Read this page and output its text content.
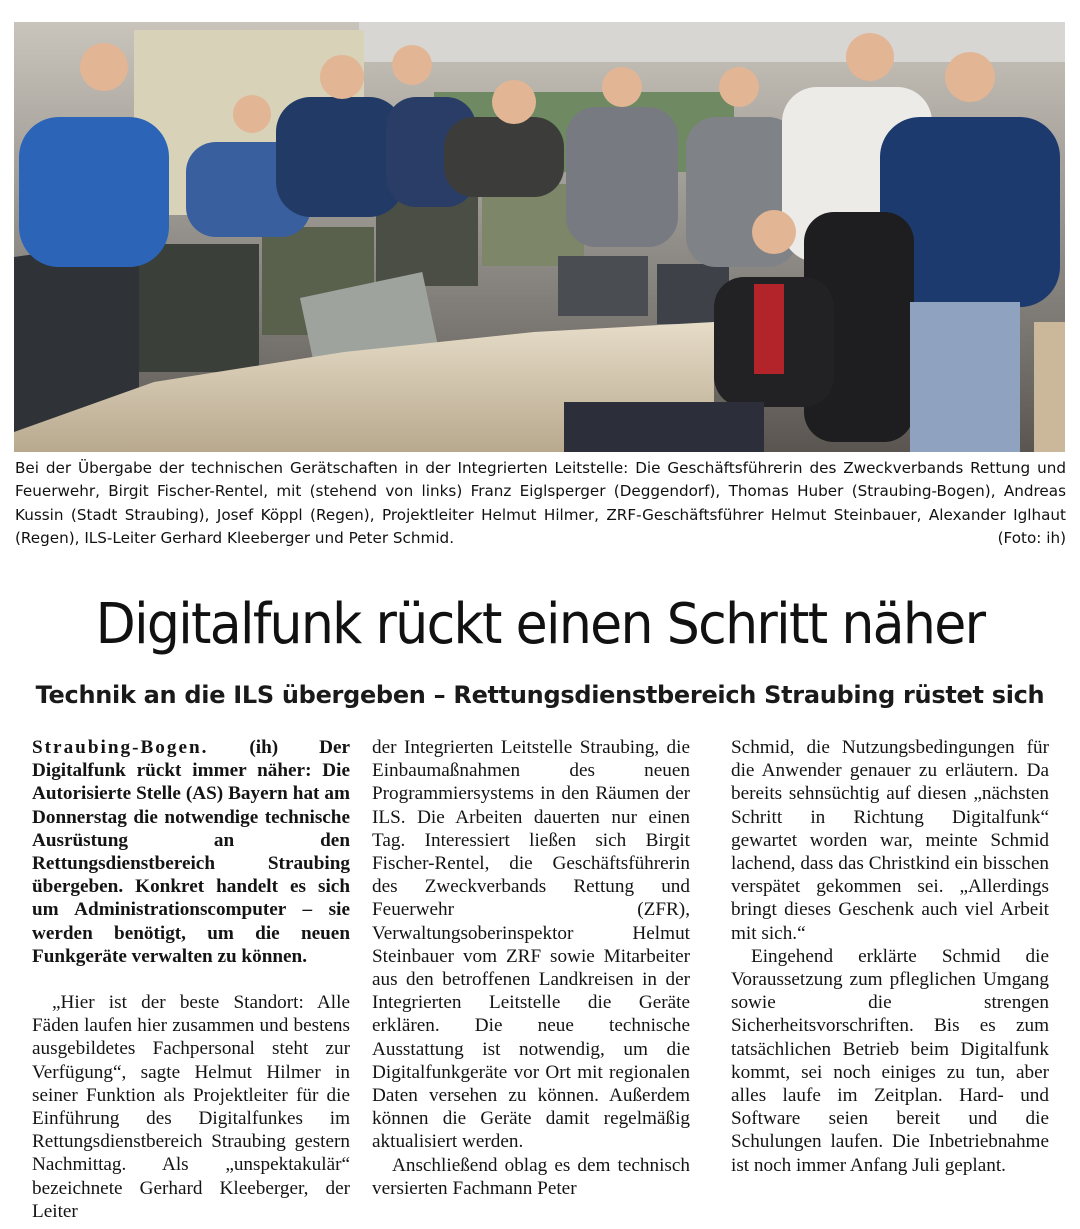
Bei der Übergabe der technischen Gerätschaften in der Integrierten Leitstelle: Die Geschäftsführerin des Zweckverbands Rettung und Feuerwehr, Birgit Fischer-Rentel, mit (stehend von links) Franz Eiglsperger (Deggendorf), Thomas Huber (Straubing-Bogen), Andreas Kussin (Stadt Straubing), Josef Köppl (Regen), Projektleiter Helmut Hilmer, ZRF-Geschäftsführer Helmut Steinbauer, Alexander Iglhaut (Regen), ILS-Leiter Gerhard Kleeberger und Peter Schmid.	(Foto: ih)
Digitalfunk rückt einen Schritt näher
Technik an die ILS übergeben – Rettungsdienstbereich Straubing rüstet sich

Straubing-Bogen. (ih) Der Digitalfunk rückt immer näher: Die Autorisierte Stelle (AS) Bayern hat am Donnerstag die notwendige technische Ausrüstung an den Rettungsdienstbereich Straubing übergeben. Konkret handelt es sich um Administrationscomputer – sie werden benötigt, um die neuen Funkgeräte verwalten zu können.

„Hier ist der beste Standort: Alle Fäden laufen hier zusammen und bestens ausgebildetes Fachpersonal steht zur Verfügung“, sagte Helmut Hilmer in seiner Funktion als Projektleiter für die Einführung des Digitalfunkes im Rettungsdienstbereich Straubing gestern Nachmittag. Als „unspektakulär“ bezeichnete Gerhard Kleeberger, der Leiter

der Integrierten Leitstelle Straubing, die Einbaumaßnahmen des neuen Programmiersystems in den Räumen der ILS. Die Arbeiten dauerten nur einen Tag. Interessiert ließen sich Birgit Fischer-Rentel, die Geschäftsführerin des Zweckverbands Rettung und Feuerwehr (ZFR), Verwaltungsoberinspektor Helmut Steinbauer vom ZRF sowie Mitarbeiter aus den betroffenen Landkreisen in der Integrierten Leitstelle die Geräte erklären. Die neue technische Ausstattung ist notwendig, um die Digitalfunkgeräte vor Ort mit regionalen Daten versehen zu können. Außerdem können die Geräte damit regelmäßig aktualisiert werden.

Anschließend oblag es dem technisch versierten Fachmann Peter

Schmid, die Nutzungsbedingungen für die Anwender genauer zu erläutern. Da bereits sehnsüchtig auf diesen „nächsten Schritt in Richtung Digitalfunk“ gewartet worden war, meinte Schmid lachend, dass das Christkind ein bisschen verspätet gekommen sei. „Allerdings bringt dieses Geschenk auch viel Arbeit mit sich.“

Eingehend erklärte Schmid die Voraussetzung zum pfleglichen Umgang sowie die strengen Sicherheitsvorschriften. Bis es zum tatsächlichen Betrieb beim Digitalfunk kommt, sei noch einiges zu tun, aber alles laufe im Zeitplan. Hard- und Software seien bereit und die Schulungen laufen. Die Inbetriebnahme ist noch immer Anfang Juli geplant.
